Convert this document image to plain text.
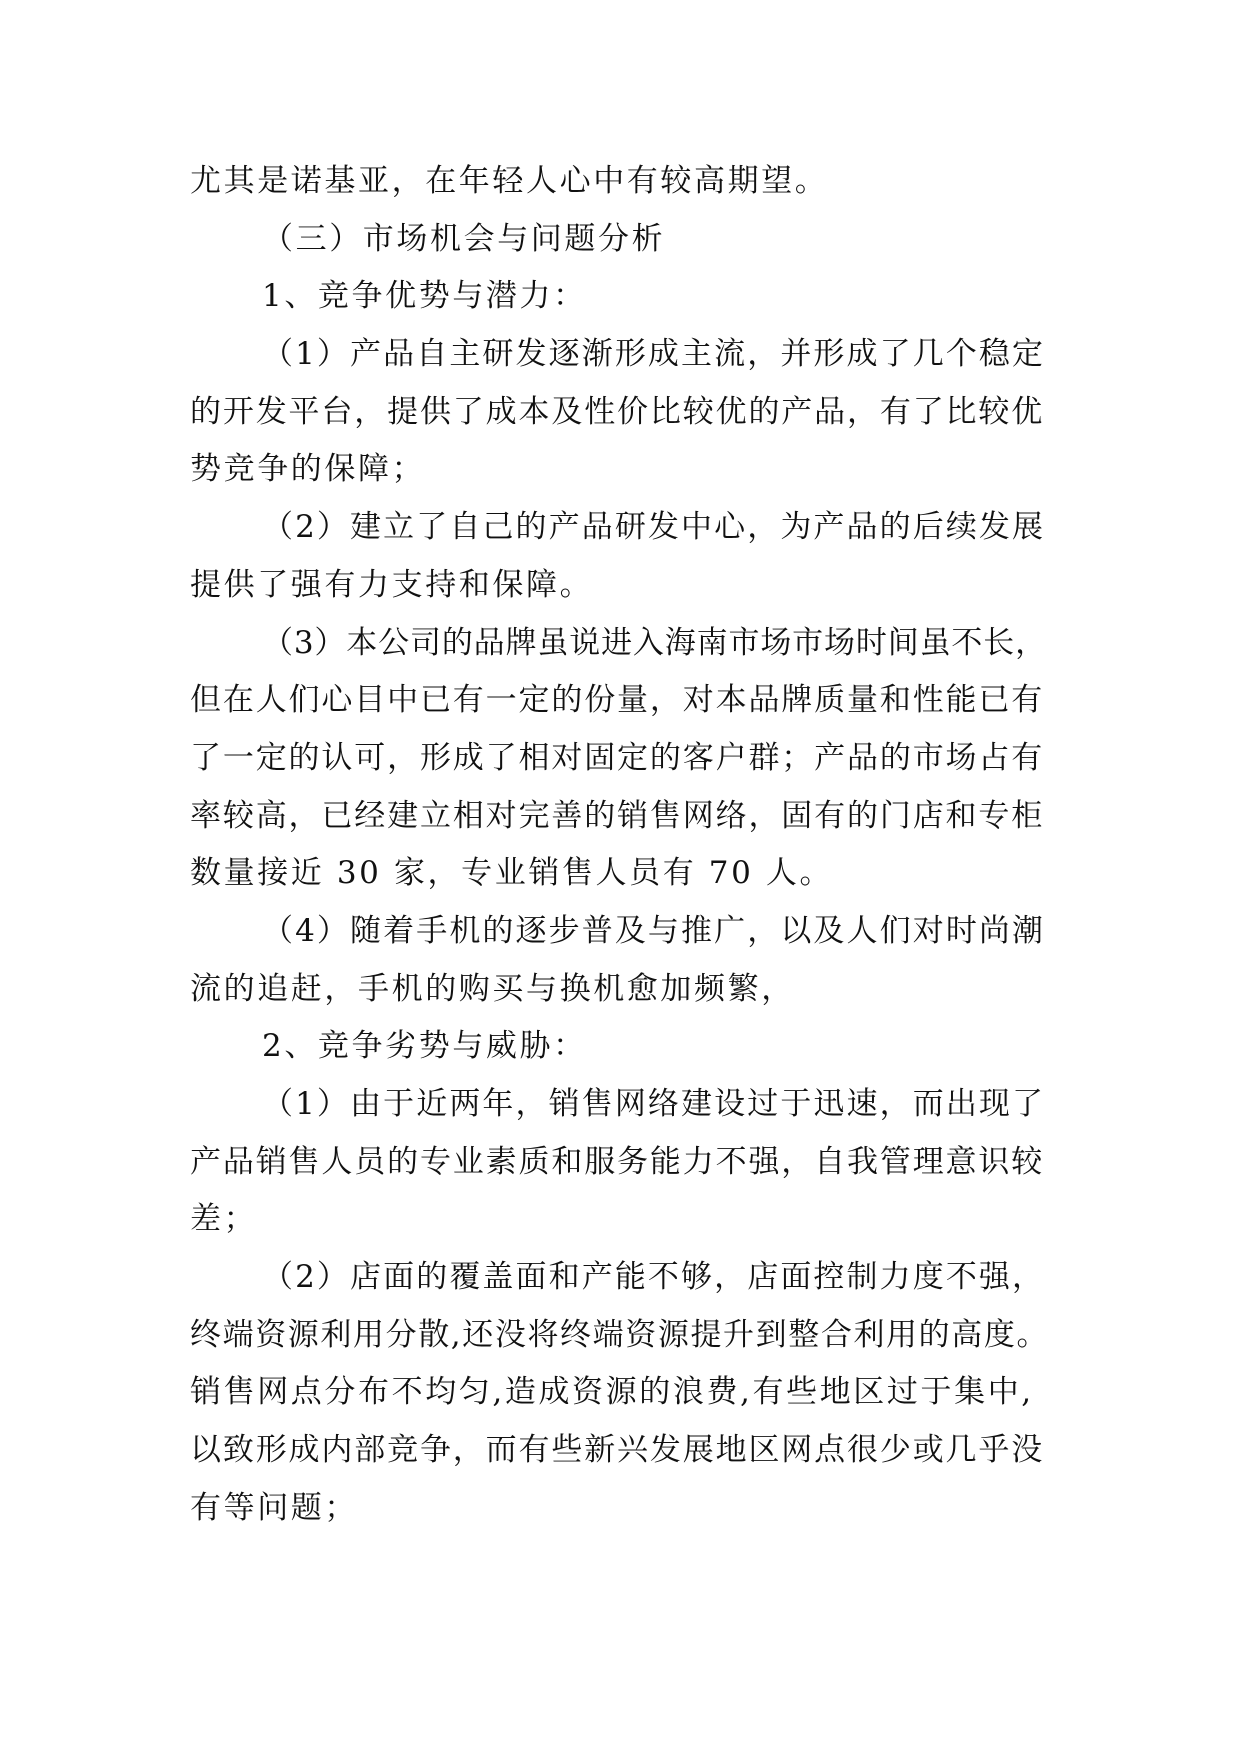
尤其是诺基亚，在年轻人心中有较高期望。
（三）市场机会与问题分析
1、竞争优势与潜力：
（1）产品自主研发逐渐形成主流，并形成了几个稳定
的开发平台，提供了成本及性价比较优的产品，有了比较优
势竞争的保障；
（2）建立了自己的产品研发中心，为产品的后续发展
提供了强有力支持和保障。
（3）本公司的品牌虽说进入海南市场市场时间虽不长，
但在人们心目中已有一定的份量，对本品牌质量和性能已有
了一定的认可，形成了相对固定的客户群；产品的市场占有
率较高，已经建立相对完善的销售网络，固有的门店和专柜
数量接近 30 家，专业销售人员有 70 人。
（4）随着手机的逐步普及与推广，以及人们对时尚潮
流的追赶，手机的购买与换机愈加频繁，
2、竞争劣势与威胁：
（1）由于近两年，销售网络建设过于迅速，而出现了
产品销售人员的专业素质和服务能力不强，自我管理意识较
差；
（2）店面的覆盖面和产能不够，店面控制力度不强，
终端资源利用分散,还没将终端资源提升到整合利用的高度。
销售网点分布不均匀,造成资源的浪费,有些地区过于集中,
以致形成内部竞争，而有些新兴发展地区网点很少或几乎没
有等问题；
